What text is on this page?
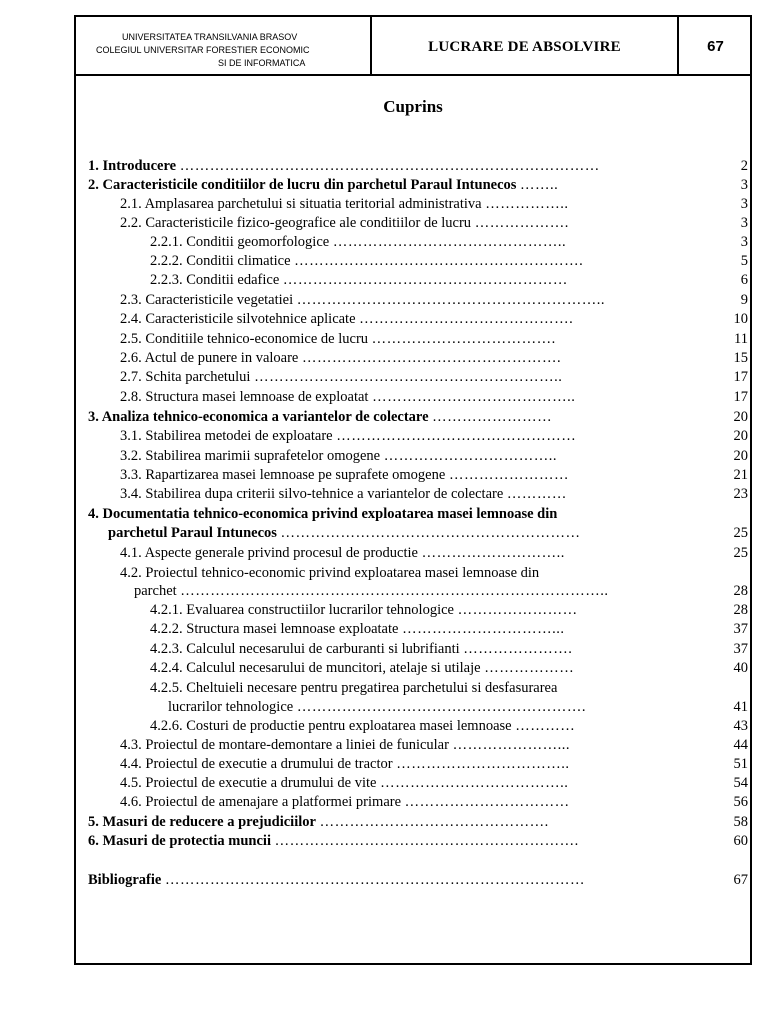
UNIVERSITATEA TRANSILVANIA BRASOV
COLEGIUL UNIVERSITAR FORESTIER ECONOMIC
SI DE INFORMATICA
LUCRARE DE ABSOLVIRE	67
Cuprins
1. Introducere …………………………………………………………………………	2
2. Caracteristicile conditiilor de lucru din parchetul Paraul Intunecos ……..	3
2.1. Amplasarea parchetului si situatia teritorial administrativa ……………..	3
2.2. Caracteristicile fizico-geografice ale conditiilor de lucru ……………….	3
2.2.1. Conditii geomorfologice ………………………………………..	3
2.2.2. Conditii climatice ………………………………………………….	5
2.2.3. Conditii edafice …………………………………………………	6
2.3. Caracteristicile vegetatiei ……………………………………………………..	9
2.4. Caracteristicile silvotehnice aplicate …………………………………….	10
2.5. Conditiile tehnico-economice de lucru ……………………………….	11
2.6. Actul de punere in valoare …………………………………………….	15
2.7. Schita parchetului ……………………………………………………..	17
2.8. Structura masei lemnoase de exploatat …………………………………..	17
3. Analiza tehnico-economica a variantelor de colectare ……………………	20
3.1. Stabilirea metodei de exploatare …………………………………………	20
3.2. Stabilirea marimii suprafetelor omogene ……………………………..	20
3.3. Rapartizarea masei lemnoase pe suprafete omogene ……………………	21
3.4. Stabilirea dupa criterii silvo-tehnice a variantelor de colectare …………	23
4. Documentatia tehnico-economica privind exploatarea masei lemnoase din
parchetul Paraul Intunecos ……………………………………………………	25
4.1. Aspecte generale privind procesul de productie ………………………..	25
4.2. Proiectul tehnico-economic privind exploatarea masei lemnoase din
parchet …………………………………………………………………………..	28
4.2.1. Evaluarea constructiilor lucrarilor tehnologice ……………………	28
4.2.2. Structura masei lemnoase exploatate …………………………...	37
4.2.3. Calculul necesarului de carburanti si lubrifianti ………………….	37
4.2.4. Calculul necesarului de muncitori, atelaje si utilaje ………………	40
4.2.5. Cheltuieli necesare pentru pregatirea parchetului si desfasurarea
lucrarilor tehnologice ………………………………………………….	41
4.2.6. Costuri de productie pentru exploatarea masei lemnoase …………	43
4.3. Proiectul de montare-demontare a liniei de funicular …………………...	44
4.4. Proiectul de executie a drumului de tractor ……………………………..	51
4.5. Proiectul de executie a drumului de vite ………………………………..	54
4.6. Proiectul de amenajare a platformei primare ……………………………	56
5. Masuri de reducere a prejudiciilor ……………………………………….	58
6. Masuri de protectia muncii …………………………………………………….	60
Bibliografie …………………………………………………………………………	67
